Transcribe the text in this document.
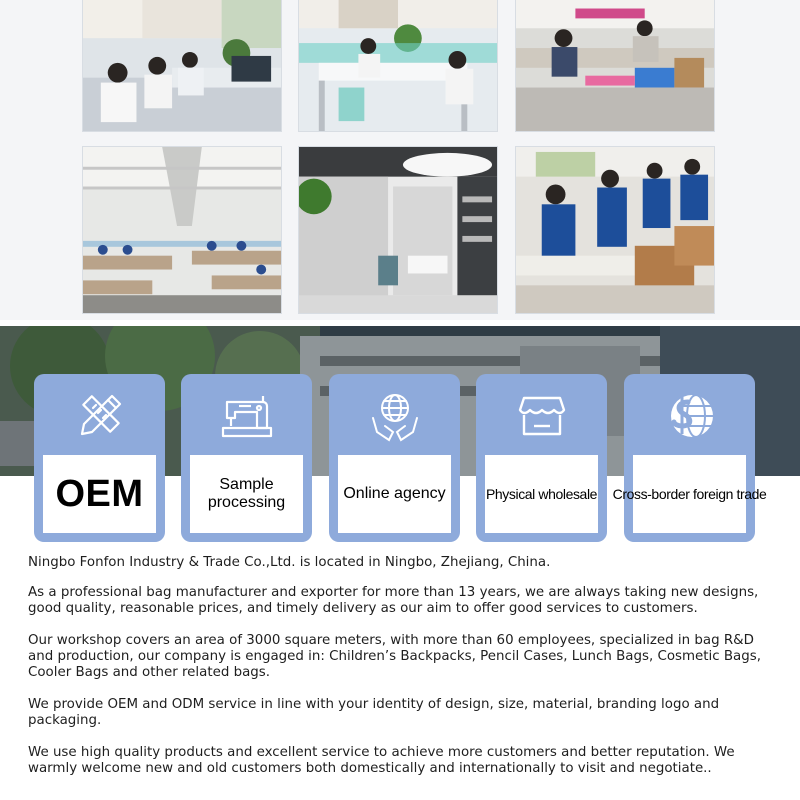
OEM	Sample processing
Online agency	Physical wholesale Cross-border foreign trade

Ningbo Fonfon Industry & Trade Co.,Ltd. is located in Ningbo, Zhejiang, China.

As a professional bag manufacturer and exporter for more than 13 years, we are always taking new designs, good quality, reasonable prices, and timely delivery as our aim to offer good services to customers.

Our workshop covers an area of 3000 square meters, with more than 60 employees, specialized in bag R&D and production, our company is engaged in: Children’s Backpacks, Pencil Cases, Lunch Bags, Cosmetic Bags, Cooler Bags and other related bags.

We provide OEM and ODM service in line with your identity of design, size, material, branding logo and packaging.

We use high quality products and excellent service to achieve more customers and better reputation. We warmly welcome new and old customers both domestically and internationally to visit and negotiate..
